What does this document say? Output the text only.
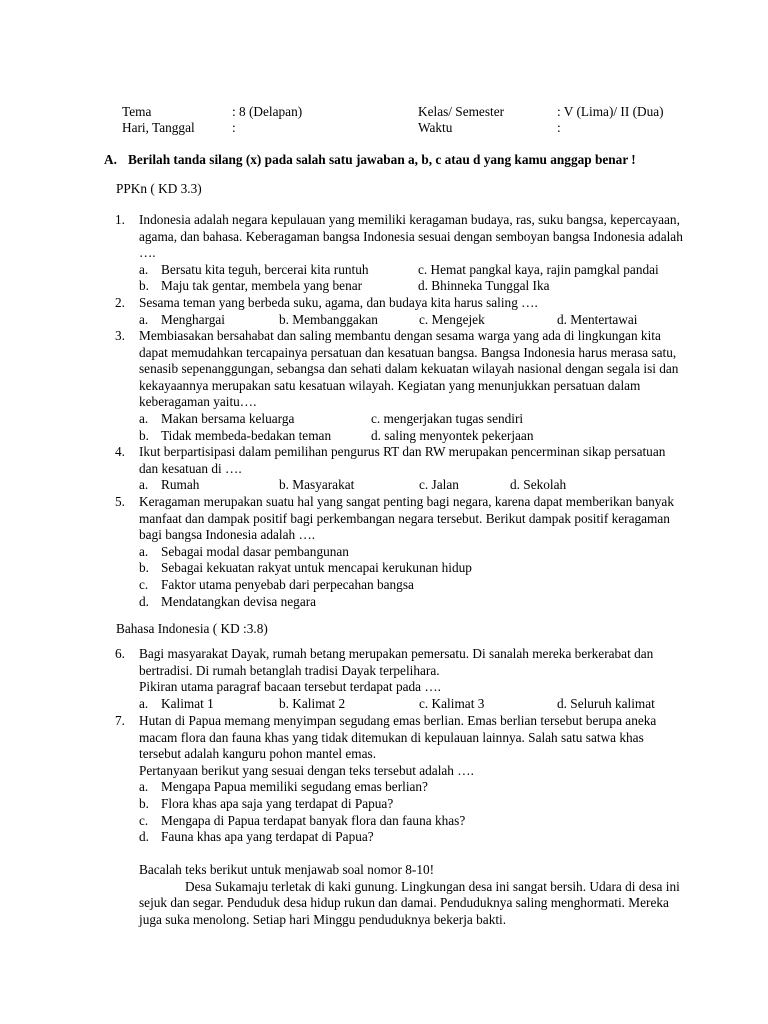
Tema	: 8 (Delapan)	Kelas/ Semester	: V (Lima)/ II (Dua)
Hari, Tanggal	:	Waktu	:
A. Berilah tanda silang (x) pada salah satu jawaban a, b, c atau d yang kamu anggap benar !
PPKn ( KD 3.3)
1. Indonesia adalah negara kepulauan yang memiliki keragaman budaya, ras, suku bangsa, kepercayaan, agama, dan bahasa. Keberagaman bangsa Indonesia sesuai dengan semboyan bangsa Indonesia adalah ….

a. Bersatu kita teguh, bercerai kita runtuh	c. Hemat pangkal kaya, rajin pamgkal pandai
b. Maju tak gentar, membela yang benar	d. Bhinneka Tunggal Ika
2. Sesama teman yang berbeda suku, agama, dan budaya kita harus saling ….

a. Menghargai	b. Membanggakan	c. Mengejek	d. Mentertawai
3. Membiasakan bersahabat dan saling membantu dengan sesama warga yang ada di lingkungan kita dapat memudahkan tercapainya persatuan dan kesatuan bangsa. Bangsa Indonesia harus merasa satu, senasib sepenanggungan, sebangsa dan sehati dalam kekuatan wilayah nasional dengan segala isi dan kekayaannya merupakan satu kesatuan wilayah. Kegiatan yang menunjukkan persatuan dalam keberagaman yaitu….

a. Makan bersama keluarga	c. mengerjakan tugas sendiri
b. Tidak membeda-bedakan teman	d. saling menyontek pekerjaan
4. Ikut berpartisipasi dalam pemilihan pengurus RT dan RW merupakan pencerminan sikap persatuan dan kesatuan di ….

a. Rumah	b. Masyarakat	c. Jalan	d. Sekolah
5. Keragaman merupakan suatu hal yang sangat penting bagi negara, karena dapat memberikan banyak manfaat dan dampak positif bagi perkembangan negara tersebut. Berikut dampak positif keragaman bagi bangsa Indonesia adalah ….

a. Sebagai modal dasar pembangunan
b. Sebagai kekuatan rakyat untuk mencapai kerukunan hidup
c. Faktor utama penyebab dari perpecahan bangsa
d. Mendatangkan devisa negara
Bahasa Indonesia ( KD :3.8)
6. Bagi masyarakat Dayak, rumah betang merupakan pemersatu. Di sanalah mereka berkerabat dan bertradisi. Di rumah betanglah tradisi Dayak terpelihara.

Pikiran utama paragraf bacaan tersebut terdapat pada ….

a. Kalimat 1	b. Kalimat 2	c. Kalimat 3	d. Seluruh kalimat
7. Hutan di Papua memang menyimpan segudang emas berlian. Emas berlian tersebut berupa aneka macam flora dan fauna khas yang tidak ditemukan di kepulauan lainnya. Salah satu satwa khas tersebut adalah kanguru pohon mantel emas.

Pertanyaan berikut yang sesuai dengan teks tersebut adalah ….

a. Mengapa Papua memiliki segudang emas berlian?
b. Flora khas apa saja yang terdapat di Papua?
c. Mengapa di Papua terdapat banyak flora dan fauna khas?
d. Fauna khas apa yang terdapat di Papua?

Bacalah teks berikut untuk menjawab soal nomor 8-10!

Desa Sukamaju terletak di kaki gunung. Lingkungan desa ini sangat bersih. Udara di desa ini sejuk dan segar. Penduduk desa hidup rukun dan damai. Penduduknya saling menghormati. Mereka juga suka menolong. Setiap hari Minggu penduduknya bekerja bakti.
